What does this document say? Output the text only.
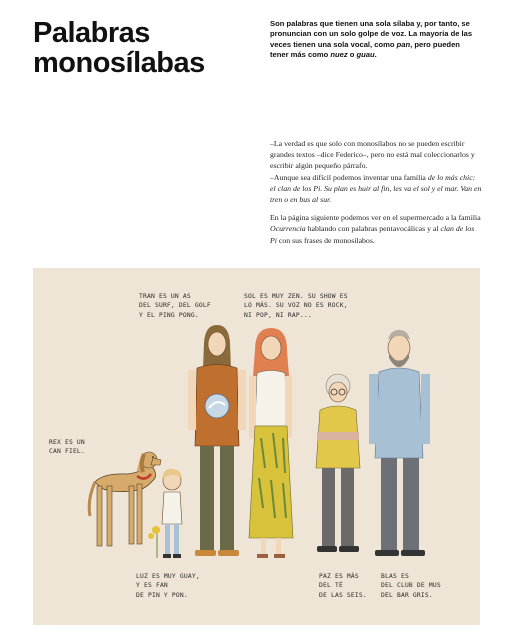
Palabras
monosílabas

Son palabras que tienen una sola sílaba y, por tanto, se pronuncian con un solo golpe de voz. La mayoría de las veces tienen una sola vocal, como pan, pero pueden tener más como nuez o guau.

–La verdad es que solo con monosílabos no se pueden escribir grandes textos –dice Federico–, pero no está mal coleccionarlos y escribir algún pequeño párrafo.
–Aunque sea difícil podemos inventar una familia de lo más chic: el clan de los Pi. Su plan es huir al fin, les va el sol y el mar. Van en tren o en bus al sur.

En la página siguiente podemos ver en el supermercado a la familia Ocurrencia hablando con palabras pentavocálicas y al clan de los Pi con sus frases de monosílabos.

TRAN ES UN AS
DEL SURF, DEL GOLF
Y EL PING PONG.
SOL ES MUY ZEN. SU SHOW ES
LO MÁS. SU VOZ NO ES ROCK,
NI POP, NI RAP...
REX ES UN
CAN FIEL.
LUZ ES MUY GUAY,
Y ES FAN
DE PIN Y PON.
PAZ ES MÁS
DEL TÉ
DE LAS SEIS.
BLAS ES
DEL CLUB DE MUS
DEL BAR GRIS.
